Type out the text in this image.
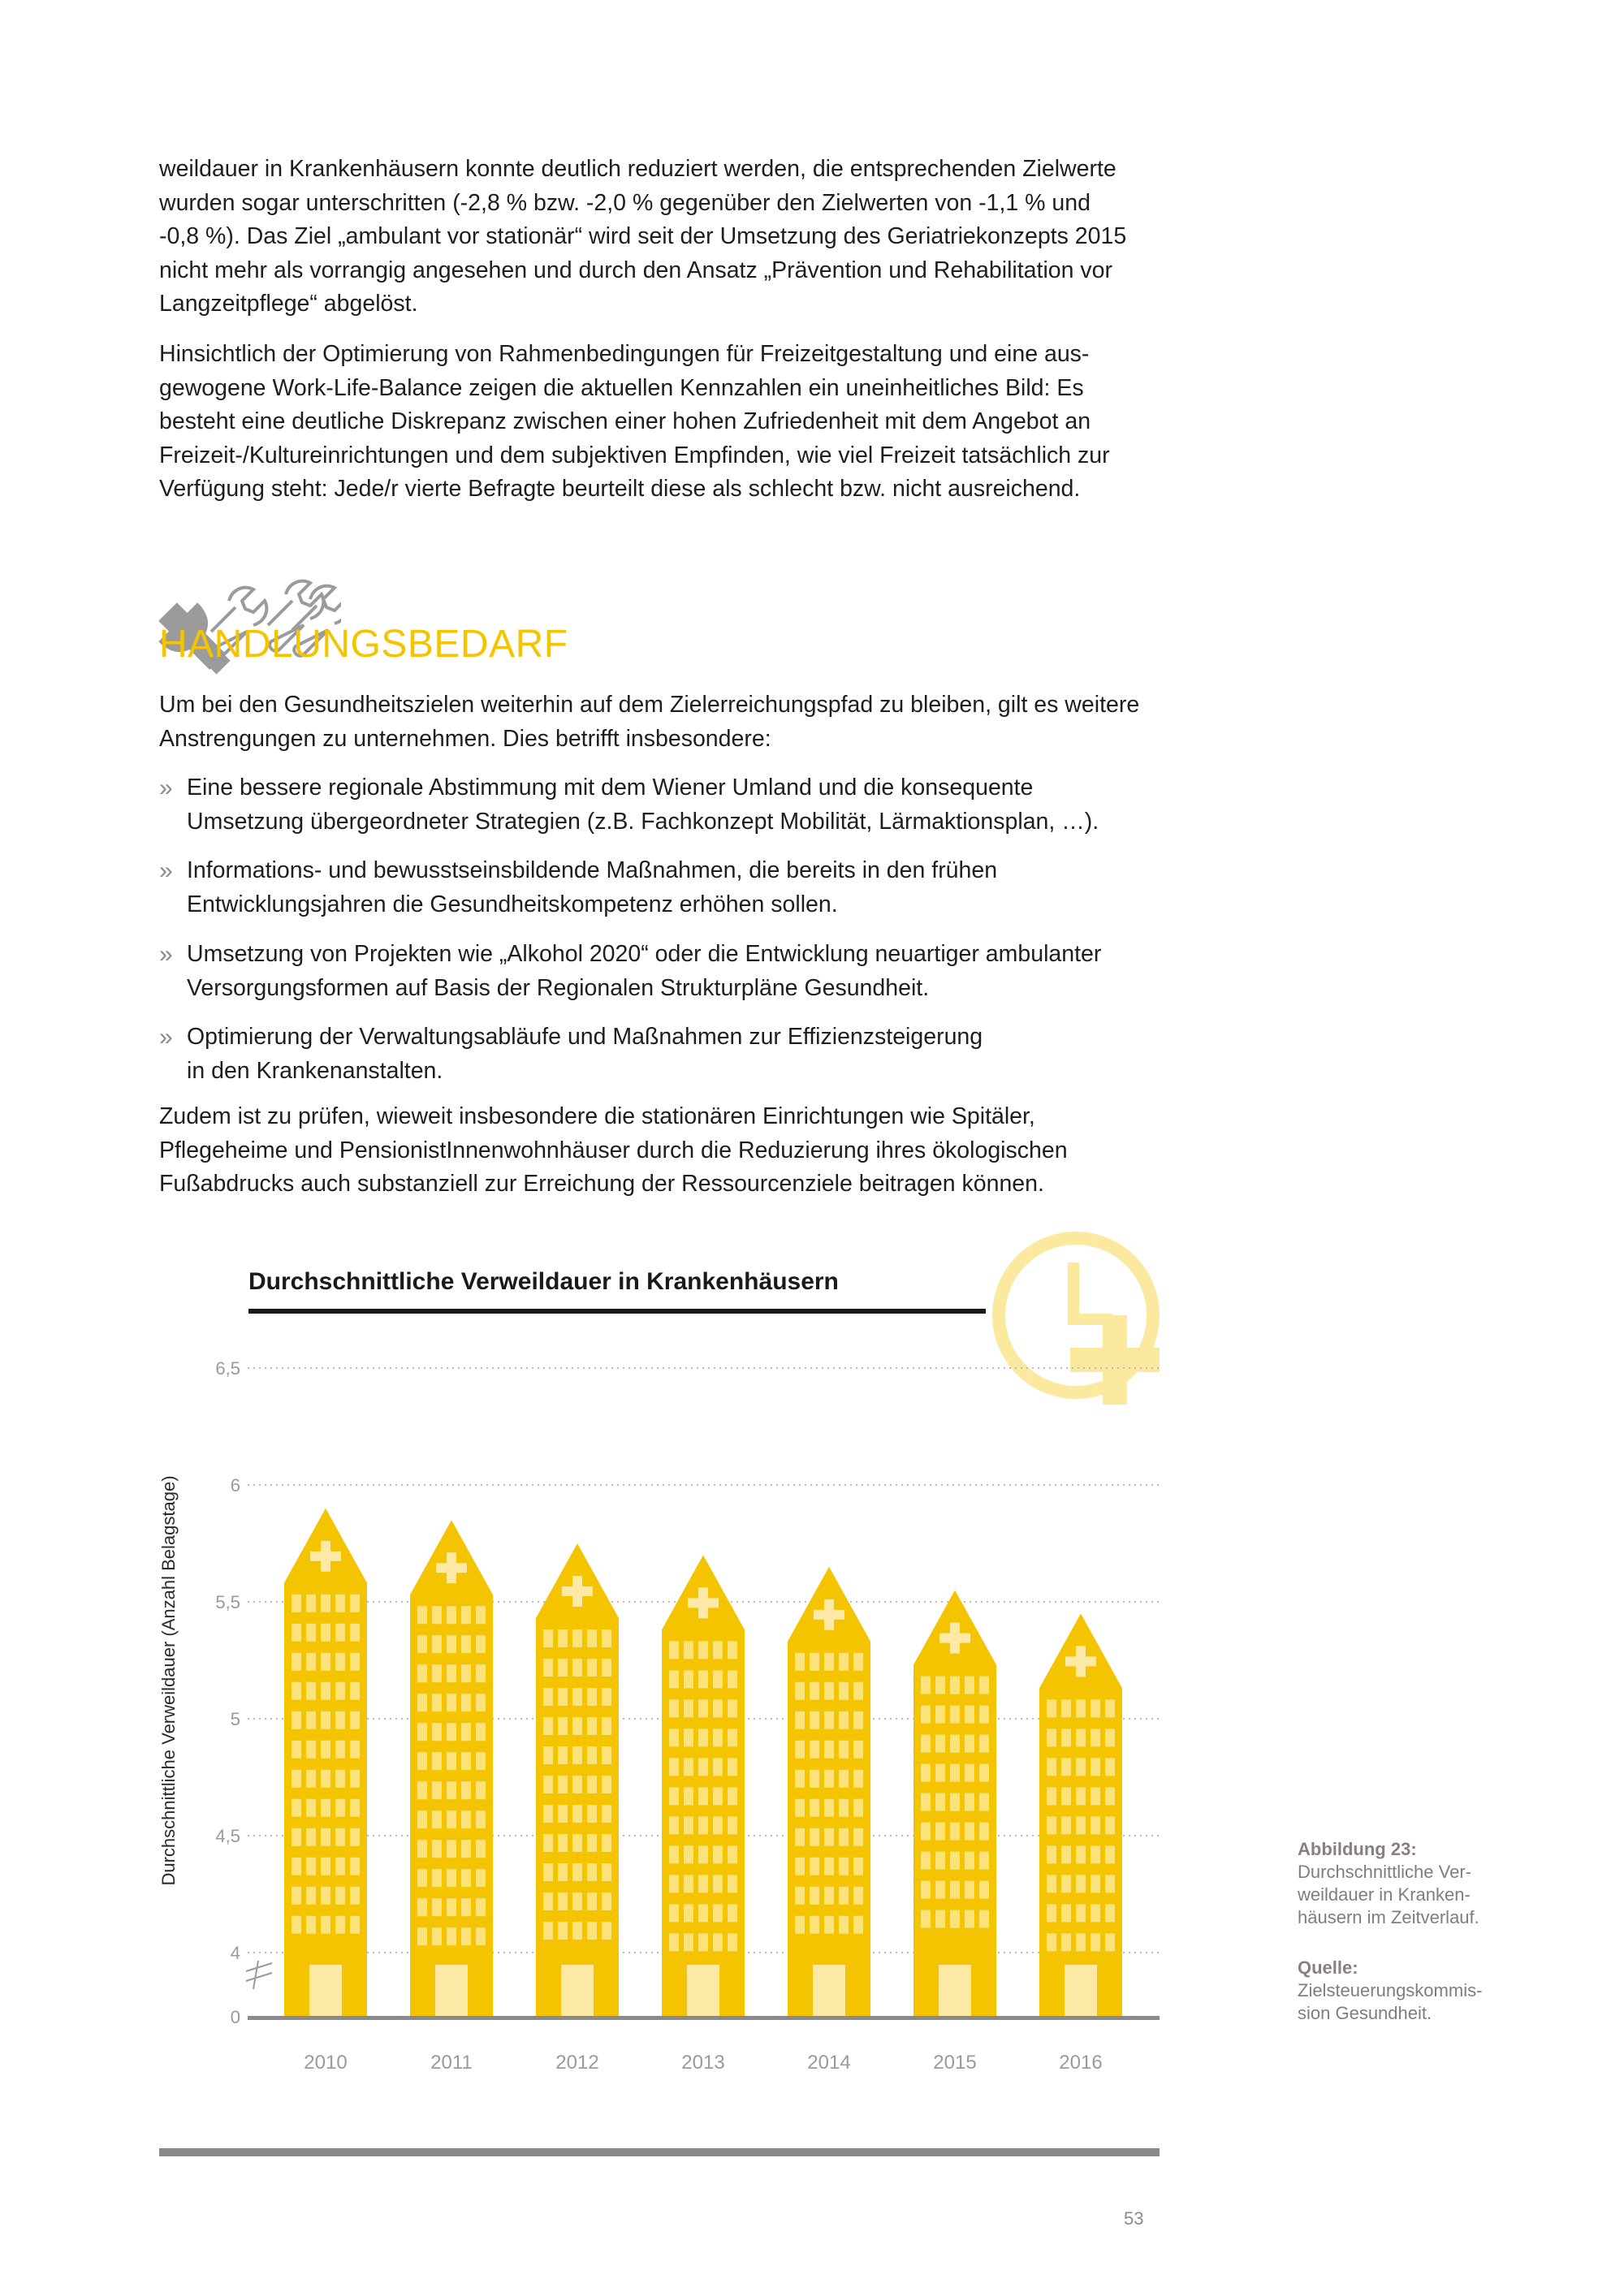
weildauer in Krankenhäusern konnte deutlich reduziert werden, die entsprechenden Zielwerte
wurden sogar unterschritten (-2,8 % bzw. -2,0 % gegenüber den Zielwerten von -1,1 % und
-0,8 %). Das Ziel „ambulant vor stationär“ wird seit der Umsetzung des Geriatriekonzepts 2015
nicht mehr als vorrangig angesehen und durch den Ansatz „Prävention und Rehabilitation vor
Langzeitpflege“ abgelöst.
Hinsichtlich der Optimierung von Rahmenbedingungen für Freizeitgestaltung und eine aus-
gewogene Work-Life-Balance zeigen die aktuellen Kennzahlen ein uneinheitliches Bild: Es
besteht eine deutliche Diskrepanz zwischen einer hohen Zufriedenheit mit dem Angebot an
Freizeit-/Kultureinrichtungen und dem subjektiven Empfinden, wie viel Freizeit tatsächlich zur
Verfügung steht: Jede/r vierte Befragte beurteilt diese als schlecht bzw. nicht ausreichend.
HANDLUNGSBEDARF
Um bei den Gesundheitszielen weiterhin auf dem Zielerreichungspfad zu bleiben, gilt es weitere
Anstrengungen zu unternehmen. Dies betrifft insbesondere:
» Eine bessere regionale Abstimmung mit dem Wiener Umland und die konsequente
Umsetzung übergeordneter Strategien (z.B. Fachkonzept Mobilität, Lärmaktionsplan, …).
» Informations- und bewusstseinsbildende Maßnahmen, die bereits in den frühen
Entwicklungsjahren die Gesundheitskompetenz erhöhen sollen.
» Umsetzung von Projekten wie „Alkohol 2020“ oder die Entwicklung neuartiger ambulanter
Versorgungsformen auf Basis der Regionalen Strukturpläne Gesundheit.
» Optimierung der Verwaltungsabläufe und Maßnahmen zur Effizienzsteigerung
in den Krankenanstalten.
Zudem ist zu prüfen, wieweit insbesondere die stationären Einrichtungen wie Spitäler,
Pflegeheime und PensionistInnenwohnhäuser durch die Reduzierung ihres ökologischen
Fußabdrucks auch substanziell zur Erreichung der Ressourcenziele beitragen können.
Durchschnittliche Verweildauer in Krankenhäusern
0
4
4,5
5
5,5
6
6,5
Durchschnittliche Verweildauer (Anzahl Belagstage)
2010	2011	2012	2013	2014	2015	2016
Abbildung 23:
Durchschnittliche Ver-
weildauer in Kranken-
häusern im Zeitverlauf.
Quelle:
Zielsteuerungskommis-
sion Gesundheit.
53
